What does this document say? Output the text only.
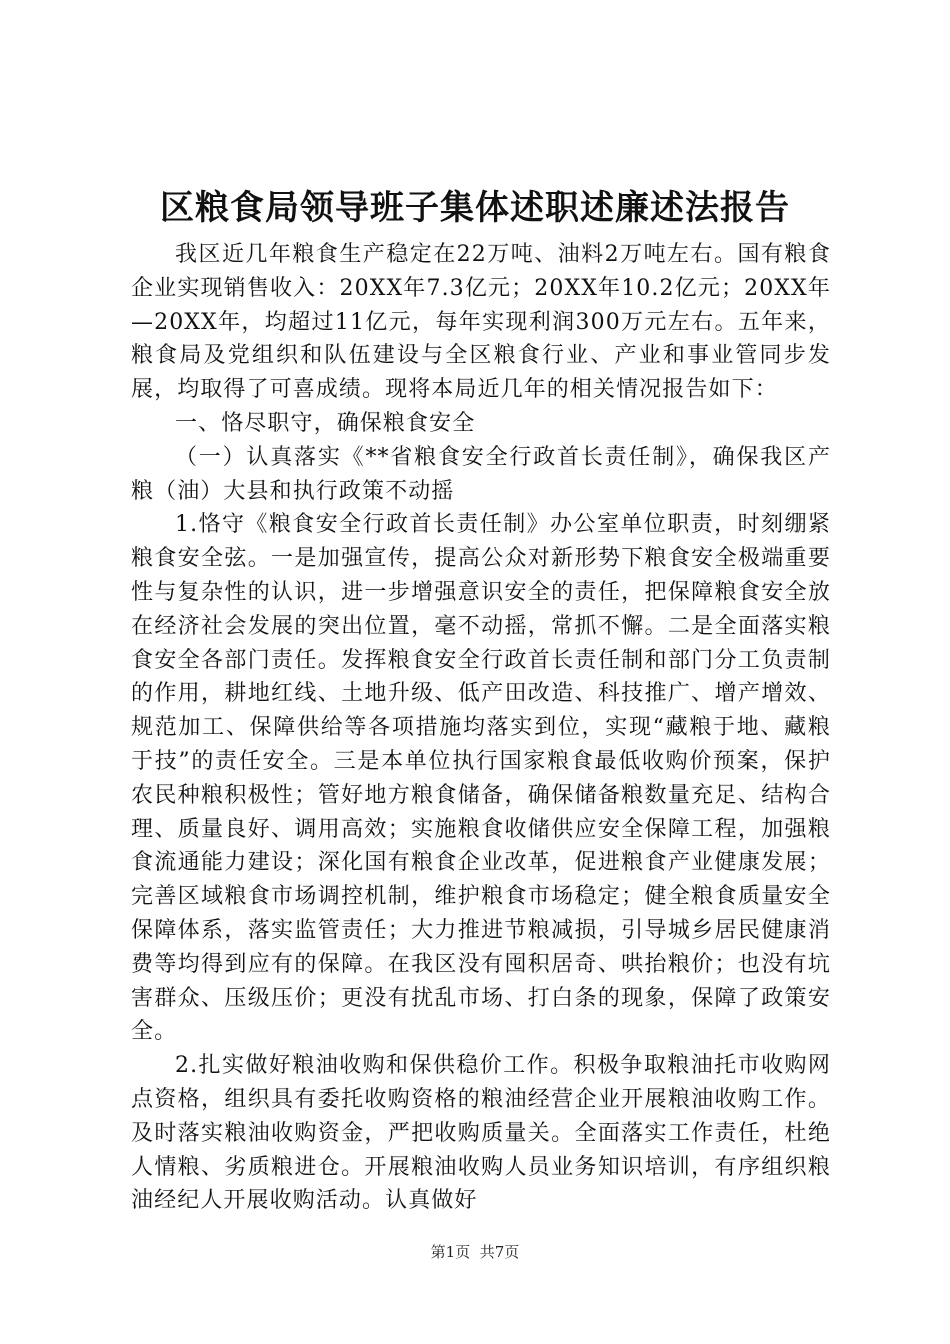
区粮食局领导班子集体述职述廉述法报告

我区近几年粮食生产稳定在22万吨、油料2万吨左右。国有粮食企业实现销售收入：20XX年7.3亿元；20XX年10.2亿元；20XX年—20XX年，均超过11亿元，每年实现利润300万元左右。五年来，粮食局及党组织和队伍建设与全区粮食行业、产业和事业管同步发展，均取得了可喜成绩。现将本局近几年的相关情况报告如下：

一、恪尽职守，确保粮食安全

（一）认真落实《**省粮食安全行政首长责任制》，确保我区产粮（油）大县和执行政策不动摇

1.恪守《粮食安全行政首长责任制》办公室单位职责，时刻绷紧粮食安全弦。一是加强宣传，提高公众对新形势下粮食安全极端重要性与复杂性的认识，进一步增强意识安全的责任，把保障粮食安全放在经济社会发展的突出位置，毫不动摇，常抓不懈。二是全面落实粮食安全各部门责任。发挥粮食安全行政首长责任制和部门分工负责制的作用，耕地红线、土地升级、低产田改造、科技推广、增产增效、规范加工、保障供给等各项措施均落实到位，实现“藏粮于地、藏粮于技”的责任安全。三是本单位执行国家粮食最低收购价预案，保护农民种粮积极性；管好地方粮食储备，确保储备粮数量充足、结构合理、质量良好、调用高效；实施粮食收储供应安全保障工程，加强粮食流通能力建设；深化国有粮食企业改革，促进粮食产业健康发展；完善区域粮食市场调控机制，维护粮食市场稳定；健全粮食质量安全保障体系，落实监管责任；大力推进节粮减损，引导城乡居民健康消费等均得到应有的保障。在我区没有囤积居奇、哄抬粮价；也没有坑害群众、压级压价；更没有扰乱市场、打白条的现象，保障了政策安全。

2.扎实做好粮油收购和保供稳价工作。积极争取粮油托市收购网点资格，组织具有委托收购资格的粮油经营企业开展粮油收购工作。及时落实粮油收购资金，严把收购质量关。全面落实工作责任，杜绝人情粮、劣质粮进仓。开展粮油收购人员业务知识培训，有序组织粮油经纪人开展收购活动。认真做好

第1页 共7页
